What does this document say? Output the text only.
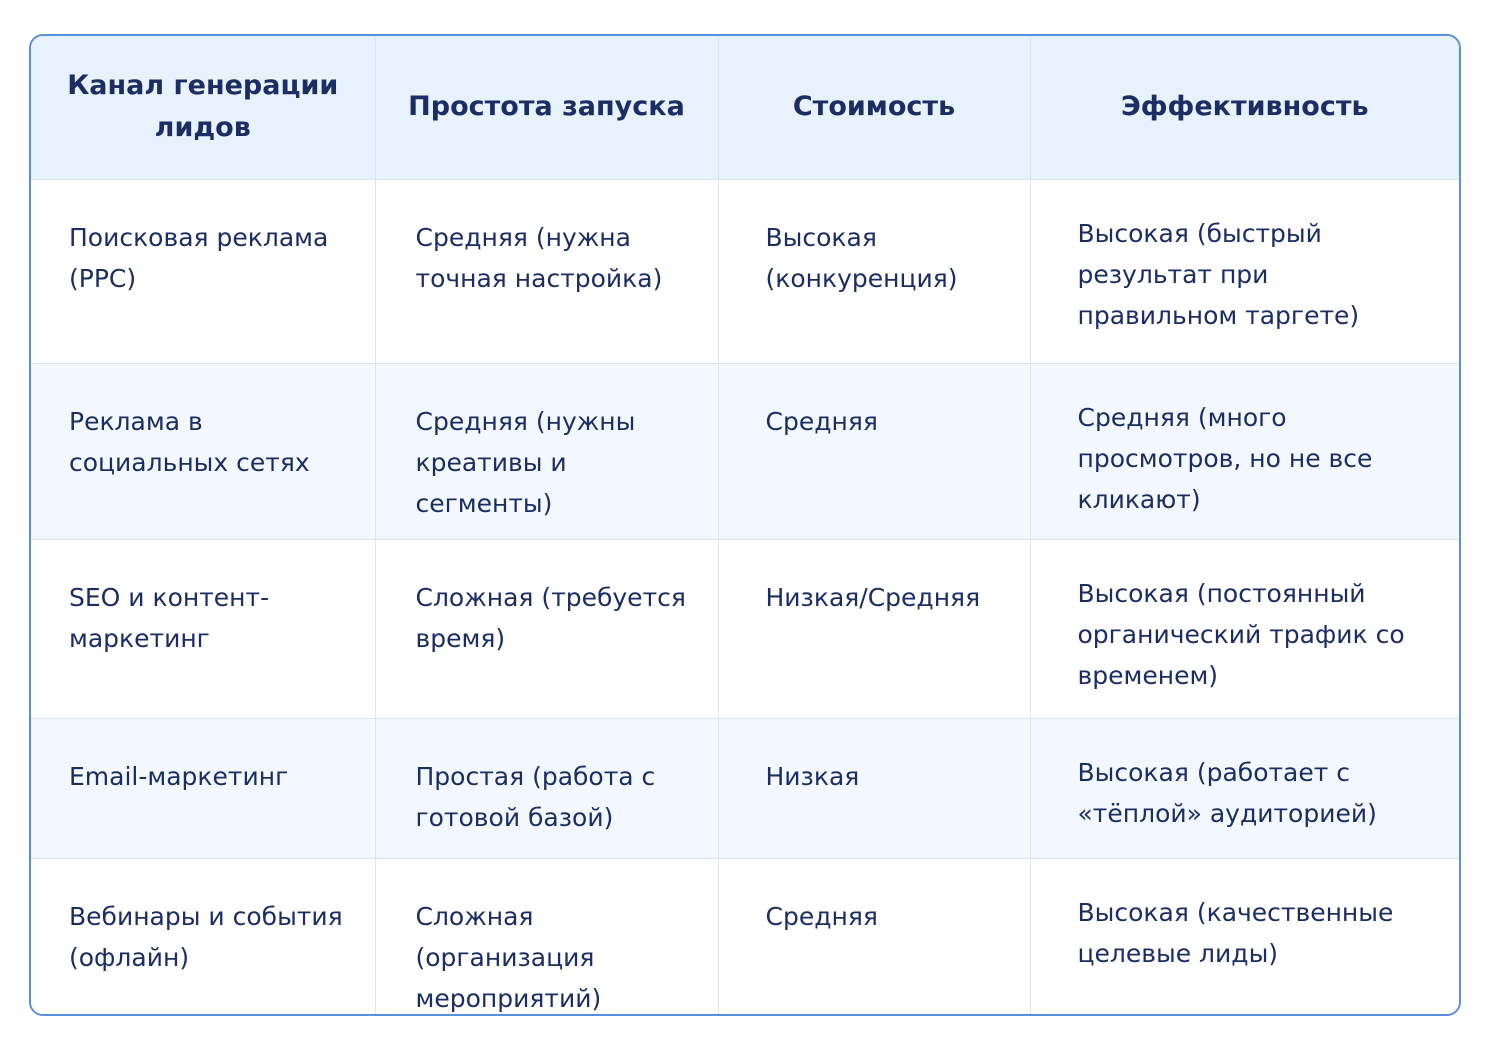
Канал генерации лидов	Простота запуска	Стоимость	Эффективность
Поисковая реклама (PPC)	Средняя (нужна точная настройка)	Высокая (конкуренция)	Высокая (быстрый результат при правильном таргете)
Реклама в социальных сетях	Средняя (нужны креативы и сегменты)	Средняя	Средняя (много просмотров, но не все кликают)
SEO и контент-маркетинг	Сложная (требуется время)	Низкая/Средняя	Высокая (постоянный органический трафик со временем)
Email-маркетинг	Простая (работа с готовой базой)	Низкая	Высокая (работает с «тёплой» аудиторией)
Вебинары и события (офлайн)	Сложная (организация мероприятий)	Средняя	Высокая (качественные целевые лиды)
